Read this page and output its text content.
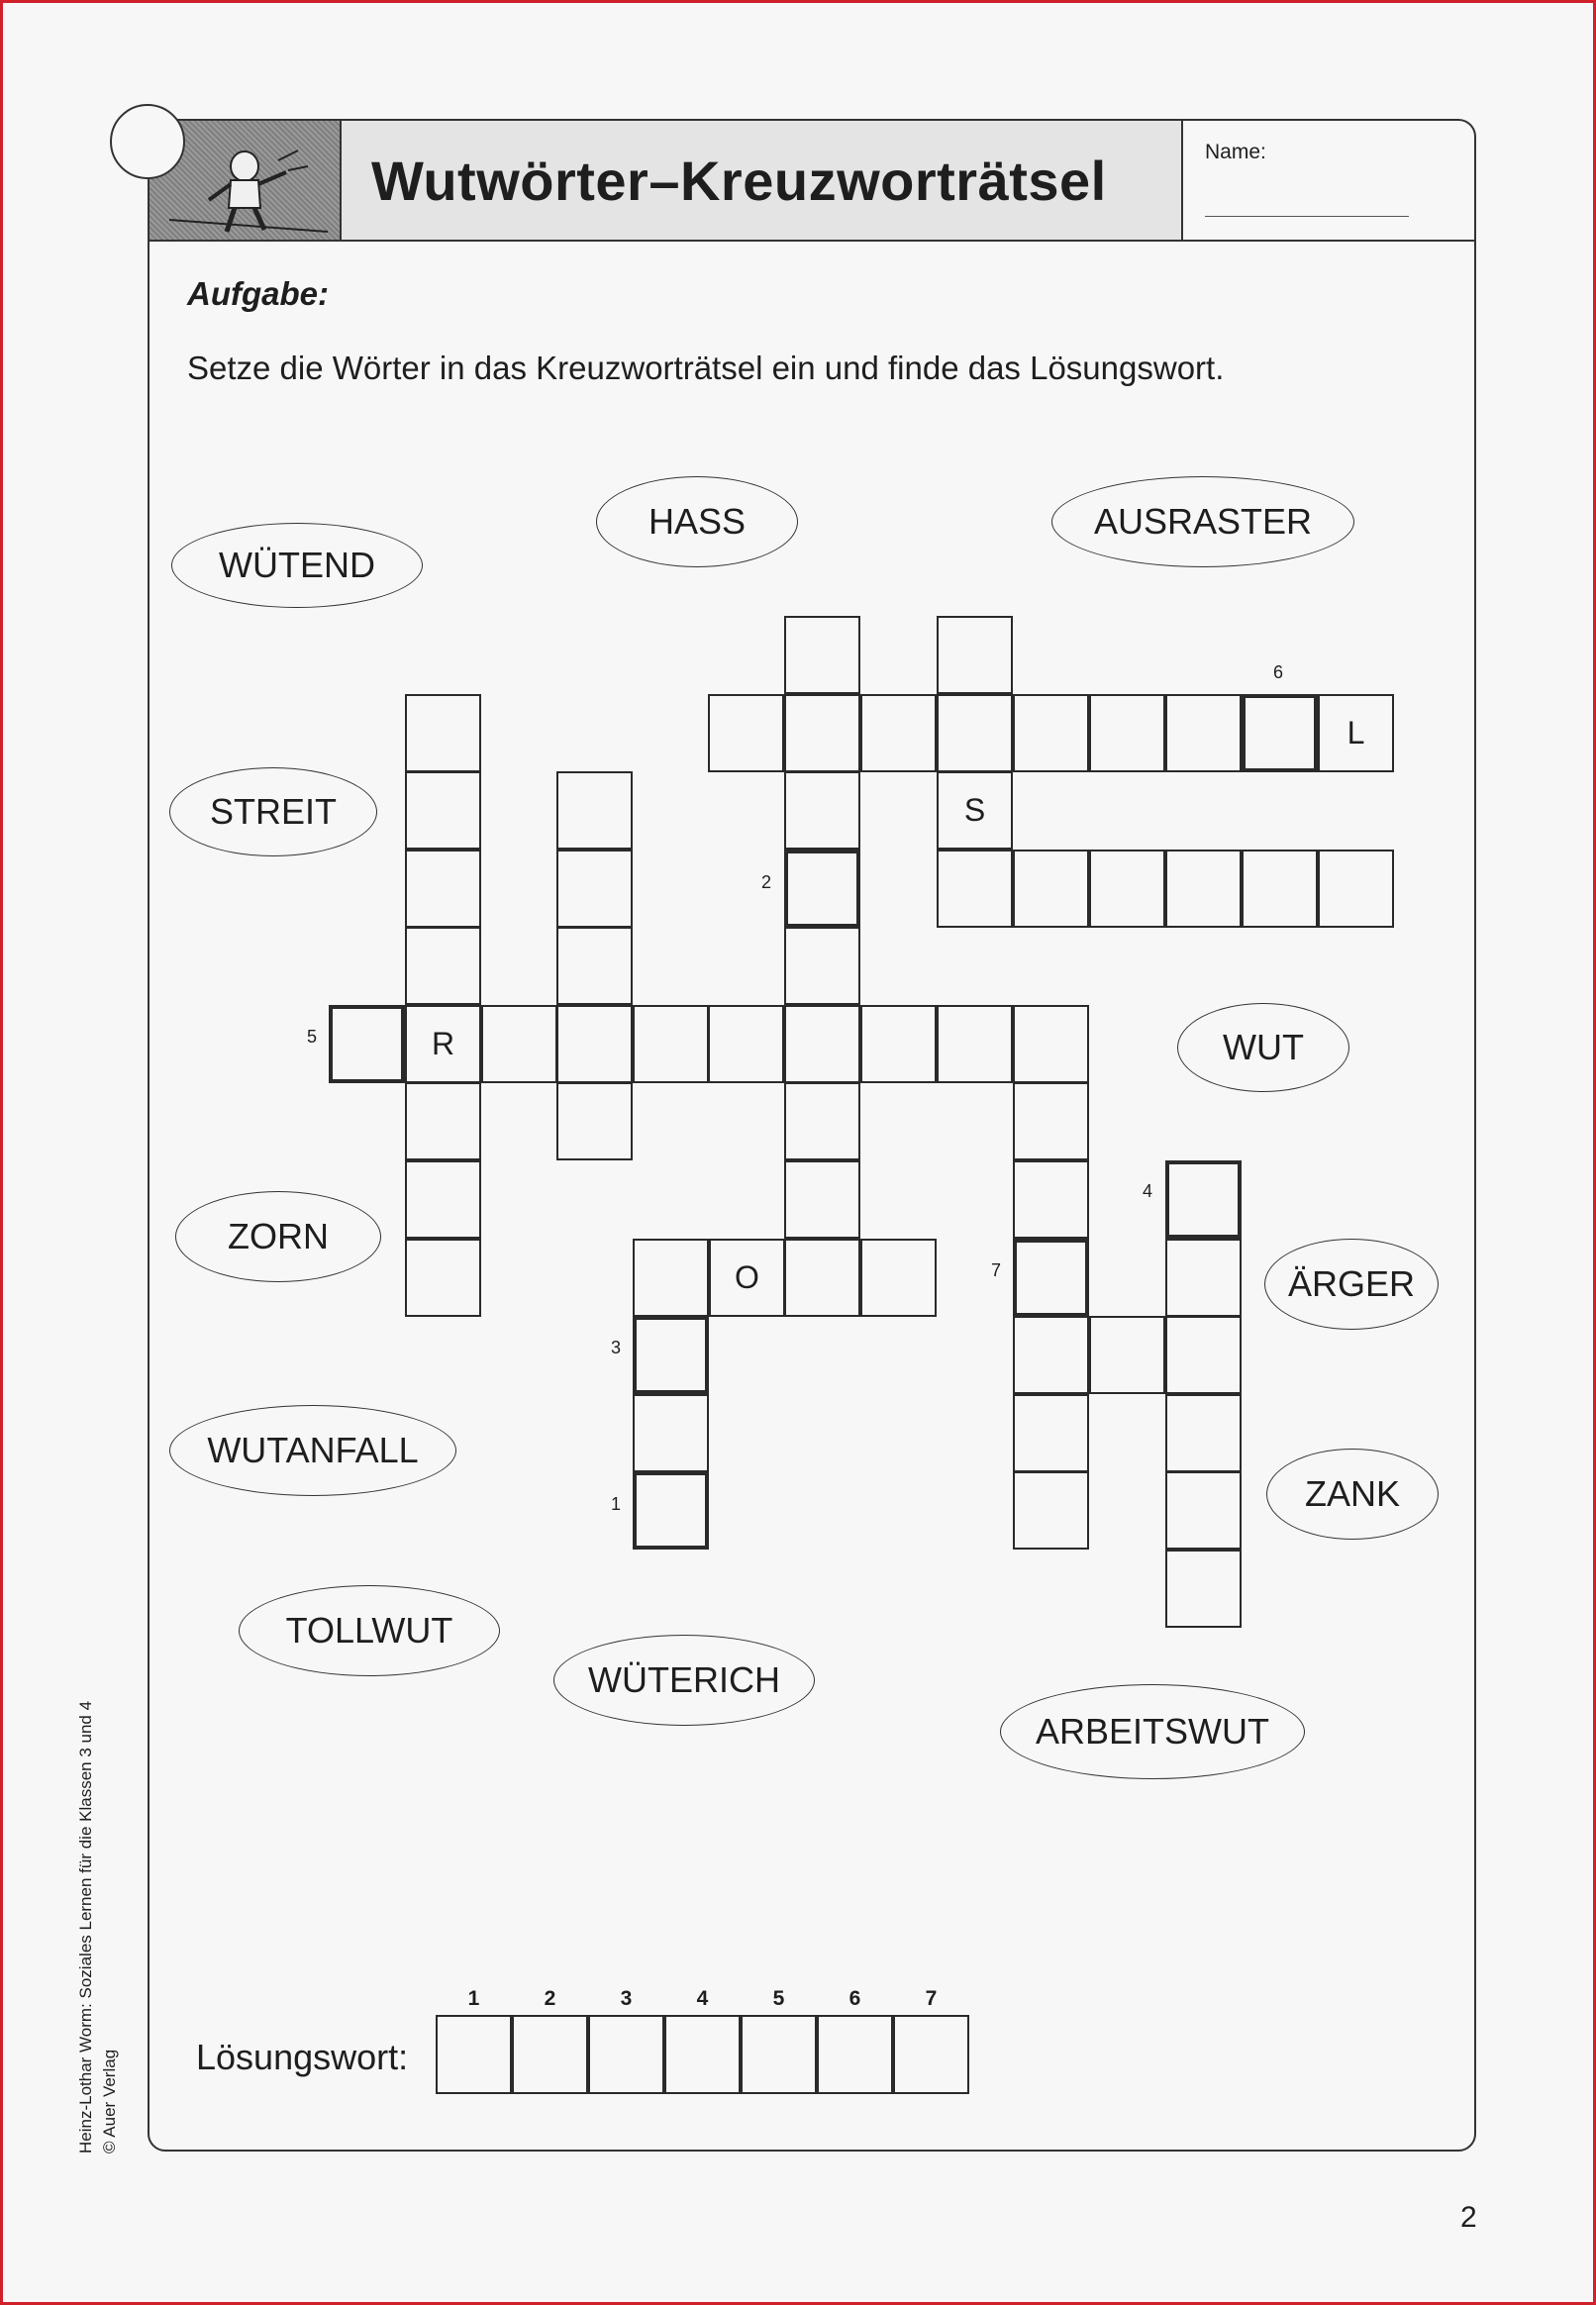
Wutwörter–Kreuzworträtsel	Name:
Aufgabe:
Setze die Wörter in das Kreuzworträtsel ein und finde das Lösungswort.
WÜTEND
HASS	AUSRASTER
STREIT
WUT
ZORN
ÄRGER
WUTANFALL
ZANK
TOLLWUT
WÜTERICH
ARBEITSWUT
L
S
R
O
6
2
5
4
7
3
1
Lösungswort:
1	2	3	4	5	6	7
Heinz-Lothar Worm: Soziales Lernen für die Klassen 3 und 4 © Auer Verlag
2
